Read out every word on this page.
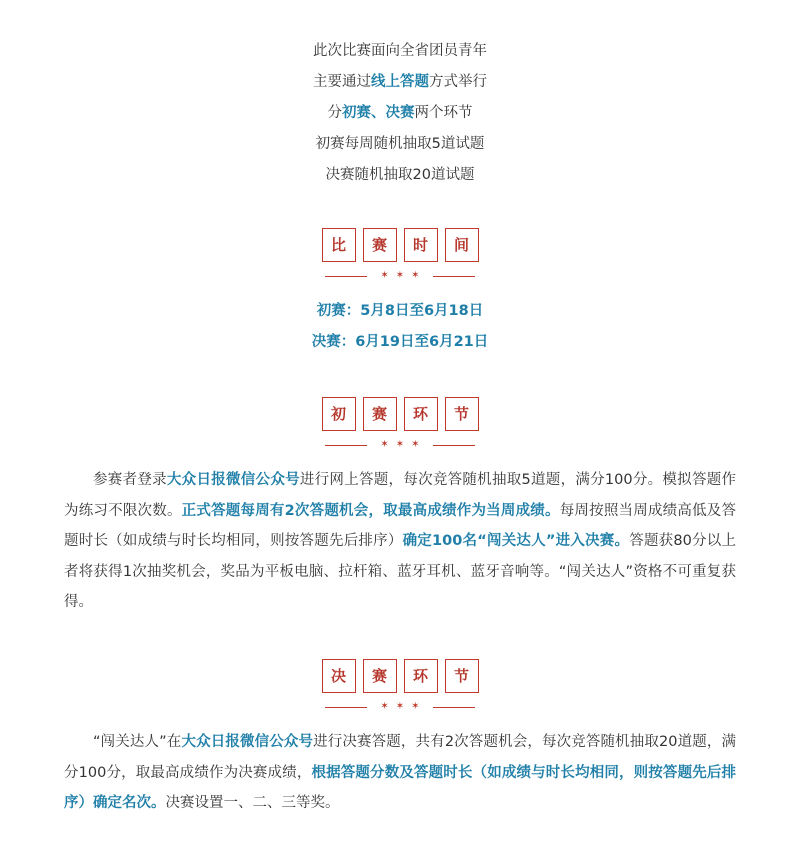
此次比赛面向全省团员青年

主要通过线上答题方式举行

分初赛、决赛两个环节

初赛每周随机抽取5道试题

决赛随机抽取20道试题

比	赛	时	间
✶✶✶

初赛：5月8日至6月18日

决赛：6月19日至6月21日

初	赛	环	节
✶✶✶

参赛者登录大众日报微信公众号进行网上答题，每次竞答随机抽取5道题，满分100分。模拟答题作为练习不限次数。正式答题每周有2次答题机会，取最高成绩作为当周成绩。每周按照当周成绩高低及答题时长（如成绩与时长均相同，则按答题先后排序）确定100名“闯关达人”进入决赛。答题获80分以上者将获得1次抽奖机会，奖品为平板电脑、拉杆箱、蓝牙耳机、蓝牙音响等。“闯关达人”资格不可重复获得。

决	赛	环	节
✶✶✶

“闯关达人”在大众日报微信公众号进行决赛答题，共有2次答题机会，每次竞答随机抽取20道题，满分100分，取最高成绩作为决赛成绩，根据答题分数及答题时长（如成绩与时长均相同，则按答题先后排序）确定名次。决赛设置一、二、三等奖。
